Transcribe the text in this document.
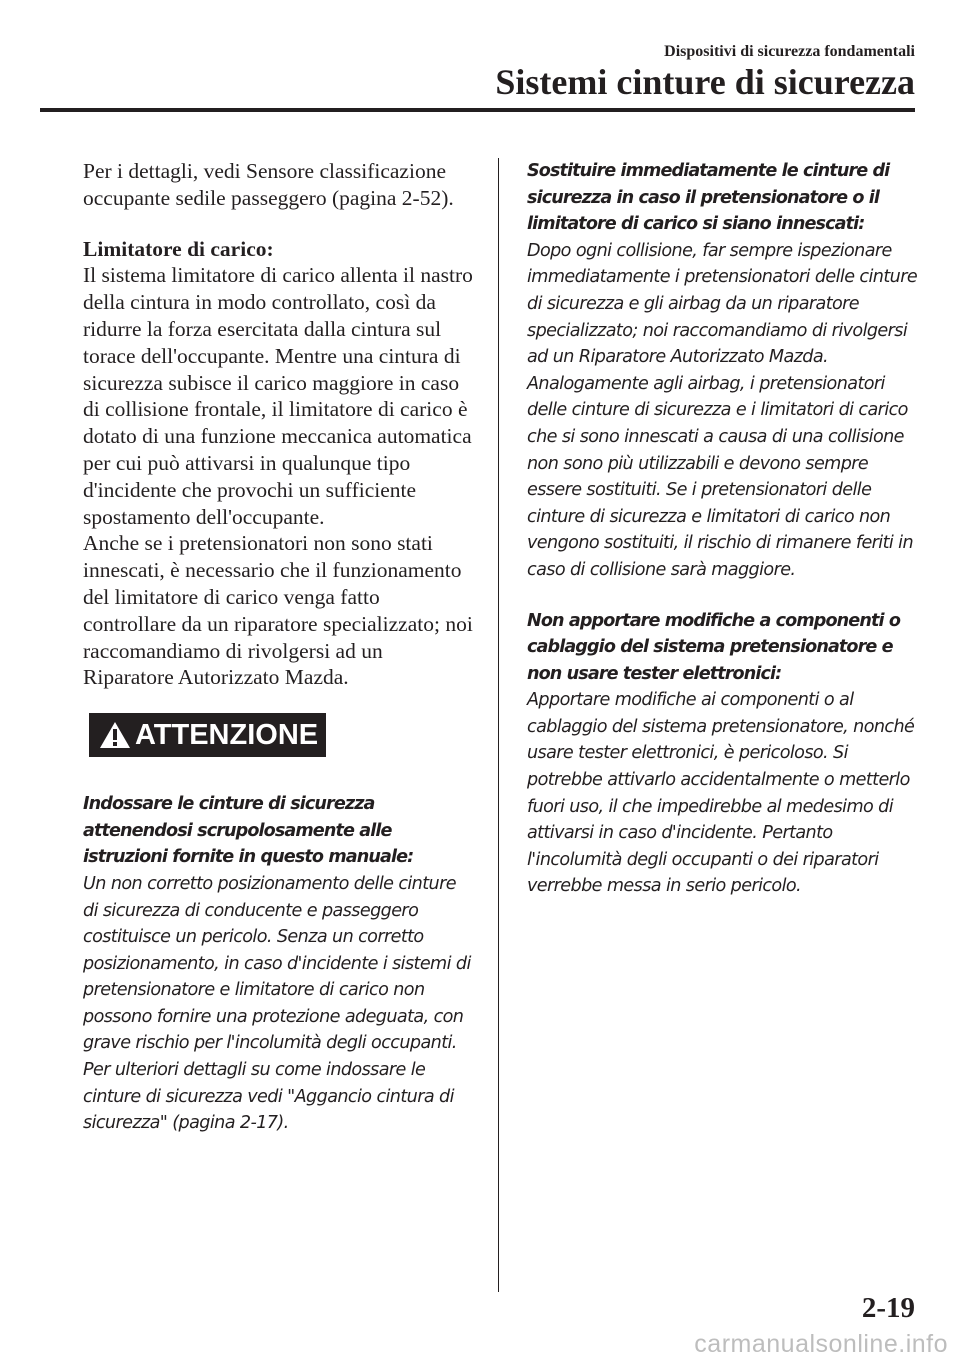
Dispositivi di sicurezza fondamentali
Sistemi cinture di sicurezza

Per i dettagli, vedi Sensore classificazione occupante sedile passeggero (pagina 2-52).

Limitatore di carico:

Il sistema limitatore di carico allenta il nastro della cintura in modo controllato, così da ridurre la forza esercitata dalla cintura sul torace dell'occupante. Mentre una cintura di sicurezza subisce il carico maggiore in caso di collisione frontale, il limitatore di carico è dotato di una funzione meccanica automatica per cui può attivarsi in qualunque tipo d'incidente che provochi un sufficiente spostamento dell'occupante.

Anche se i pretensionatori non sono stati innescati, è necessario che il funzionamento del limitatore di carico venga fatto controllare da un riparatore specializzato; noi raccomandiamo di rivolgersi ad un Riparatore Autorizzato Mazda.

ATTENZIONE

Indossare le cinture di sicurezza attenendosi scrupolosamente alle istruzioni fornite in questo manuale:

Un non corretto posizionamento delle cinture di sicurezza di conducente e passeggero costituisce un pericolo. Senza un corretto posizionamento, in caso d'incidente i sistemi di pretensionatore e limitatore di carico non possono fornire una protezione adeguata, con grave rischio per l'incolumità degli occupanti. Per ulteriori dettagli su come indossare le cinture di sicurezza vedi "Aggancio cintura di sicurezza" (pagina 2-17).

Sostituire immediatamente le cinture di sicurezza in caso il pretensionatore o il limitatore di carico si siano innescati:

Dopo ogni collisione, far sempre ispezionare immediatamente i pretensionatori delle cinture di sicurezza e gli airbag da un riparatore specializzato; noi raccomandiamo di rivolgersi ad un Riparatore Autorizzato Mazda. Analogamente agli airbag, i pretensionatori delle cinture di sicurezza e i limitatori di carico che si sono innescati a causa di una collisione non sono più utilizzabili e devono sempre essere sostituiti. Se i pretensionatori delle cinture di sicurezza e limitatori di carico non vengono sostituiti, il rischio di rimanere feriti in caso di collisione sarà maggiore.

Non apportare modifiche a componenti o cablaggio del sistema pretensionatore e non usare tester elettronici:

Apportare modifiche ai componenti o al cablaggio del sistema pretensionatore, nonché usare tester elettronici, è pericoloso. Si potrebbe attivarlo accidentalmente o metterlo fuori uso, il che impedirebbe al medesimo di attivarsi in caso d'incidente. Pertanto l'incolumità degli occupanti o dei riparatori verrebbe messa in serio pericolo.

2-19
carmanualsonline.info
